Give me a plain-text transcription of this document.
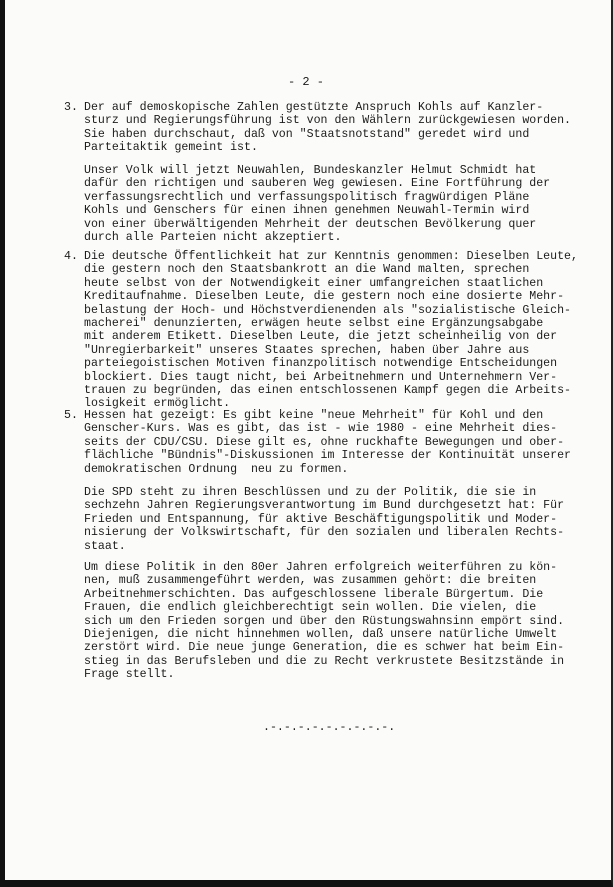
- 2 -
3. Der auf demoskopische Zahlen gestützte Anspruch Kohls auf Kanzler-
sturz und Regierungsführung ist von den Wählern zurückgewiesen worden.
Sie haben durchschaut, daß von "Staatsnotstand" geredet wird und
Parteitaktik gemeint ist.
Unser Volk will jetzt Neuwahlen, Bundeskanzler Helmut Schmidt hat
dafür den richtigen und sauberen Weg gewiesen. Eine Fortführung der
verfassungsrechtlich und verfassungspolitisch fragwürdigen Pläne
Kohls und Genschers für einen ihnen genehmen Neuwahl-Termin wird
von einer überwältigenden Mehrheit der deutschen Bevölkerung quer
durch alle Parteien nicht akzeptiert.
4. Die deutsche Öffentlichkeit hat zur Kenntnis genommen: Dieselben Leute,
die gestern noch den Staatsbankrott an die Wand malten, sprechen
heute selbst von der Notwendigkeit einer umfangreichen staatlichen
Kreditaufnahme. Dieselben Leute, die gestern noch eine dosierte Mehr-
belastung der Hoch- und Höchstverdienenden als "sozialistische Gleich-
macherei" denunzierten, erwägen heute selbst eine Ergänzungsabgabe
mit anderem Etikett. Dieselben Leute, die jetzt scheinheilig von der
"Unregierbarkeit" unseres Staates sprechen, haben über Jahre aus
parteiegoistischen Motiven finanzpolitisch notwendige Entscheidungen
blockiert. Dies taugt nicht, bei Arbeitnehmern und Unternehmern Ver-
trauen zu begründen, das einen entschlossenen Kampf gegen die Arbeits-
losigkeit ermöglicht.
5. Hessen hat gezeigt: Es gibt keine "neue Mehrheit" für Kohl und den
Genscher-Kurs. Was es gibt, das ist - wie 1980 - eine Mehrheit dies-
seits der CDU/CSU. Diese gilt es, ohne ruckhafte Bewegungen und ober-
flächliche "Bündnis"-Diskussionen im Interesse der Kontinuität unserer
demokratischen Ordnung  neu zu formen.
Die SPD steht zu ihren Beschlüssen und zu der Politik, die sie in
sechzehn Jahren Regierungsverantwortung im Bund durchgesetzt hat: Für
Frieden und Entspannung, für aktive Beschäftigungspolitik und Moder-
nisierung der Volkswirtschaft, für den sozialen und liberalen Rechts-
staat.
Um diese Politik in den 80er Jahren erfolgreich weiterführen zu kön-
nen, muß zusammengeführt werden, was zusammen gehört: die breiten
Arbeitnehmerschichten. Das aufgeschlossene liberale Bürgertum. Die
Frauen, die endlich gleichberechtigt sein wollen. Die vielen, die
sich um den Frieden sorgen und über den Rüstungswahnsinn empört sind.
Diejenigen, die nicht hinnehmen wollen, daß unsere natürliche Umwelt
zerstört wird. Die neue junge Generation, die es schwer hat beim Ein-
stieg in das Berufsleben und die zu Recht verkrustete Besitzstände in
Frage stellt.
.-.-.-.-.-.-.-.-.-.
